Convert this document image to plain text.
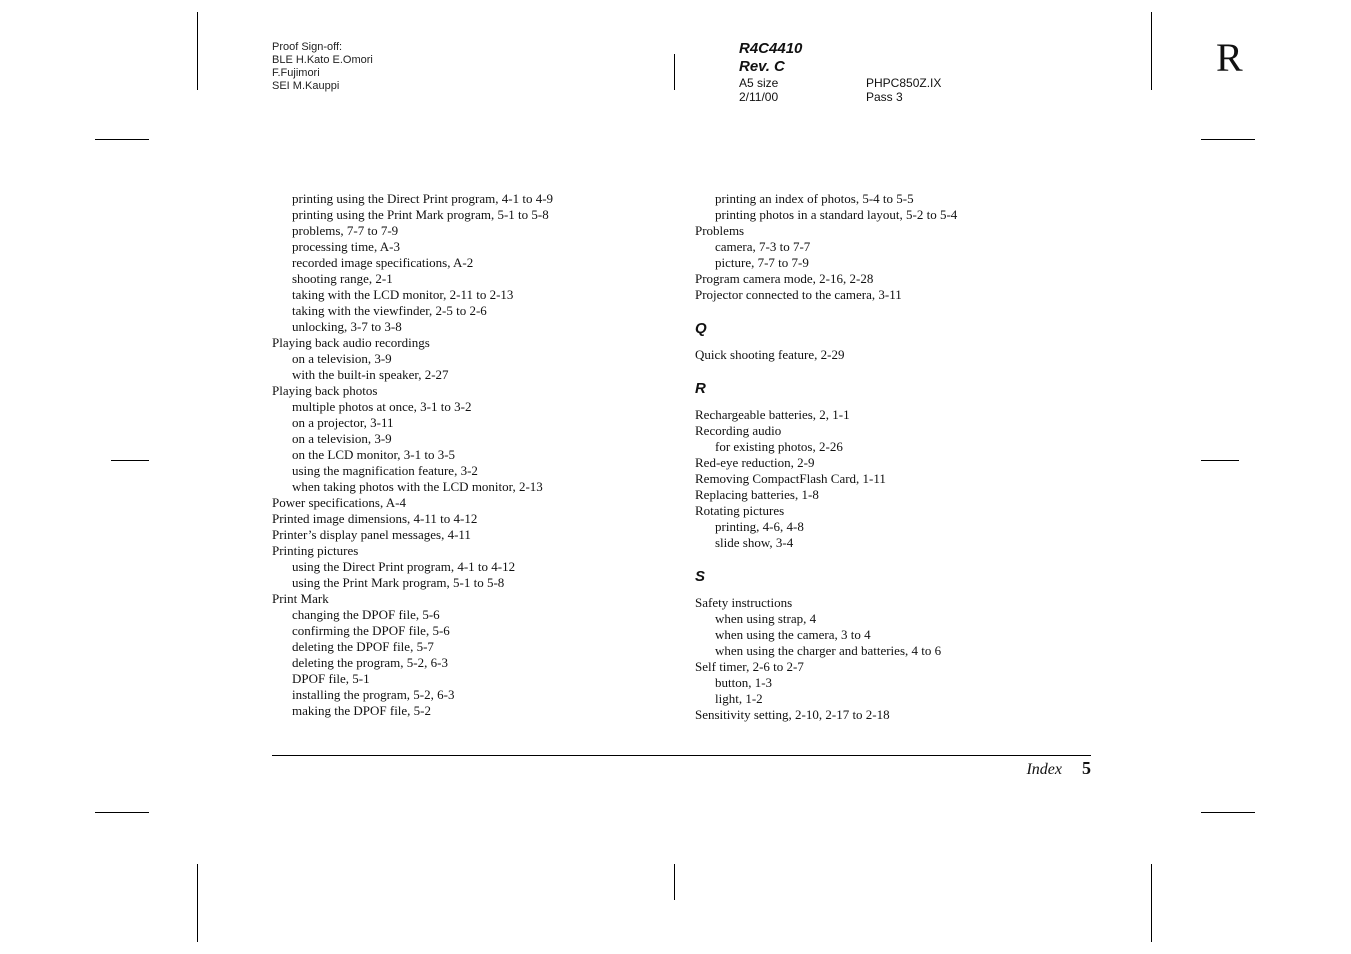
Proof Sign-off:
BLE H.Kato E.Omori
F.Fujimori
SEI M.Kauppi
R4C4410
Rev. C
A5 size	PHPC850Z.IX
2/11/00	Pass 3
R
printing using the Direct Print program, 4-1 to 4-9
printing using the Print Mark program, 5-1 to 5-8
problems, 7-7 to 7-9
processing time, A-3
recorded image specifications, A-2
shooting range, 2-1
taking with the LCD monitor, 2-11 to 2-13
taking with the viewfinder, 2-5 to 2-6
unlocking, 3-7 to 3-8
Playing back audio recordings
on a television, 3-9
with the built-in speaker, 2-27
Playing back photos
multiple photos at once, 3-1 to 3-2
on a projector, 3-11
on a television, 3-9
on the LCD monitor, 3-1 to 3-5
using the magnification feature, 3-2
when taking photos with the LCD monitor, 2-13
Power specifications, A-4
Printed image dimensions, 4-11 to 4-12
Printer’s display panel messages, 4-11
Printing pictures
using the Direct Print program, 4-1 to 4-12
using the Print Mark program, 5-1 to 5-8
Print Mark
changing the DPOF file, 5-6
confirming the DPOF file, 5-6
deleting the DPOF file, 5-7
deleting the program, 5-2, 6-3
DPOF file, 5-1
installing the program, 5-2, 6-3
making the DPOF file, 5-2
printing an index of photos, 5-4 to 5-5
printing photos in a standard layout, 5-2 to 5-4
Problems
camera, 7-3 to 7-7
picture, 7-7 to 7-9
Program camera mode, 2-16, 2-28
Projector connected to the camera, 3-11
Q
Quick shooting feature, 2-29
R
Rechargeable batteries, 2, 1-1
Recording audio
for existing photos, 2-26
Red-eye reduction, 2-9
Removing CompactFlash Card, 1-11
Replacing batteries, 1-8
Rotating pictures
printing, 4-6, 4-8
slide show, 3-4
S
Safety instructions
when using strap, 4
when using the camera, 3 to 4
when using the charger and batteries, 4 to 6
Self timer, 2-6 to 2-7
button, 1-3
light, 1-2
Sensitivity setting, 2-10, 2-17 to 2-18
Index 5
